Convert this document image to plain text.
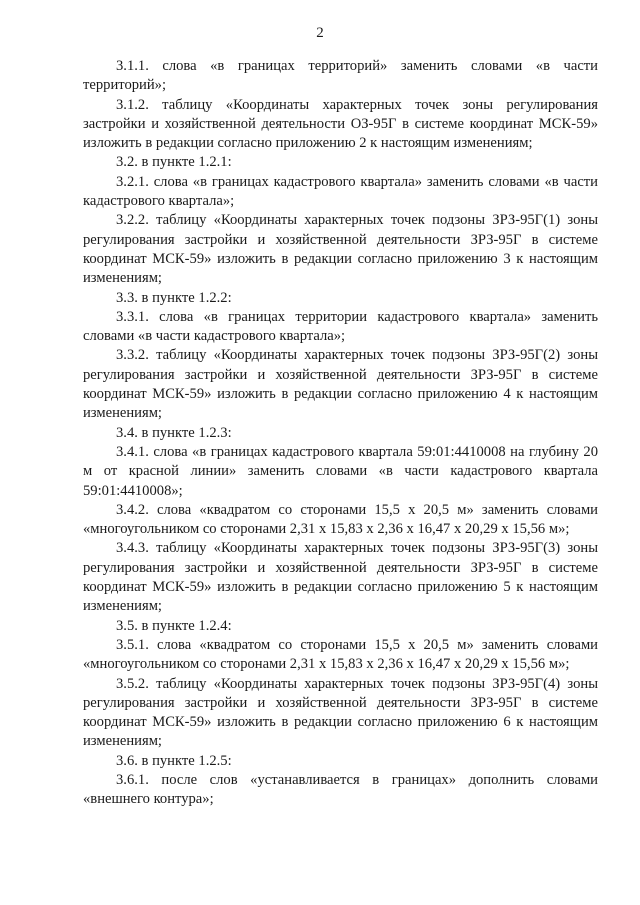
2

3.1.1. слова «в границах территорий» заменить словами «в части территорий»;

3.1.2. таблицу «Координаты характерных точек зоны регулирования застройки и хозяйственной деятельности ОЗ-95Г в системе координат МСК-59» изложить в редакции согласно приложению 2 к настоящим изменениям;

3.2. в пункте 1.2.1:

3.2.1. слова «в границах кадастрового квартала» заменить словами «в части кадастрового квартала»;

3.2.2. таблицу «Координаты характерных точек подзоны ЗРЗ-95Г(1) зоны регулирования застройки и хозяйственной деятельности ЗРЗ-95Г в системе координат МСК-59» изложить в редакции согласно приложению 3 к настоящим изменениям;

3.3. в пункте 1.2.2:

3.3.1. слова «в границах территории кадастрового квартала» заменить словами «в части кадастрового квартала»;

3.3.2. таблицу «Координаты характерных точек подзоны ЗРЗ-95Г(2) зоны регулирования застройки и хозяйственной деятельности ЗРЗ-95Г в системе координат МСК-59» изложить в редакции согласно приложению 4 к настоящим изменениям;

3.4. в пункте 1.2.3:

3.4.1. слова «в границах кадастрового квартала 59:01:4410008 на глубину 20 м от красной линии» заменить словами «в части кадастрового квартала 59:01:4410008»;

3.4.2. слова «квадратом со сторонами 15,5 х 20,5 м» заменить словами «многоугольником со сторонами 2,31 х 15,83 х 2,36 х 16,47 х 20,29 х 15,56 м»;

3.4.3. таблицу «Координаты характерных точек подзоны ЗРЗ-95Г(3) зоны регулирования застройки и хозяйственной деятельности ЗРЗ-95Г в системе координат МСК-59» изложить в редакции согласно приложению 5 к настоящим изменениям;

3.5. в пункте 1.2.4:

3.5.1. слова «квадратом со сторонами 15,5 х 20,5 м» заменить словами «многоугольником со сторонами 2,31 х 15,83 х 2,36 х 16,47 х 20,29 х 15,56 м»;

3.5.2. таблицу «Координаты характерных точек подзоны ЗРЗ-95Г(4) зоны регулирования застройки и хозяйственной деятельности ЗРЗ-95Г в системе координат МСК-59» изложить в редакции согласно приложению 6 к настоящим изменениям;

3.6. в пункте 1.2.5:

3.6.1. после слов «устанавливается в границах» дополнить словами «внешнего контура»;
